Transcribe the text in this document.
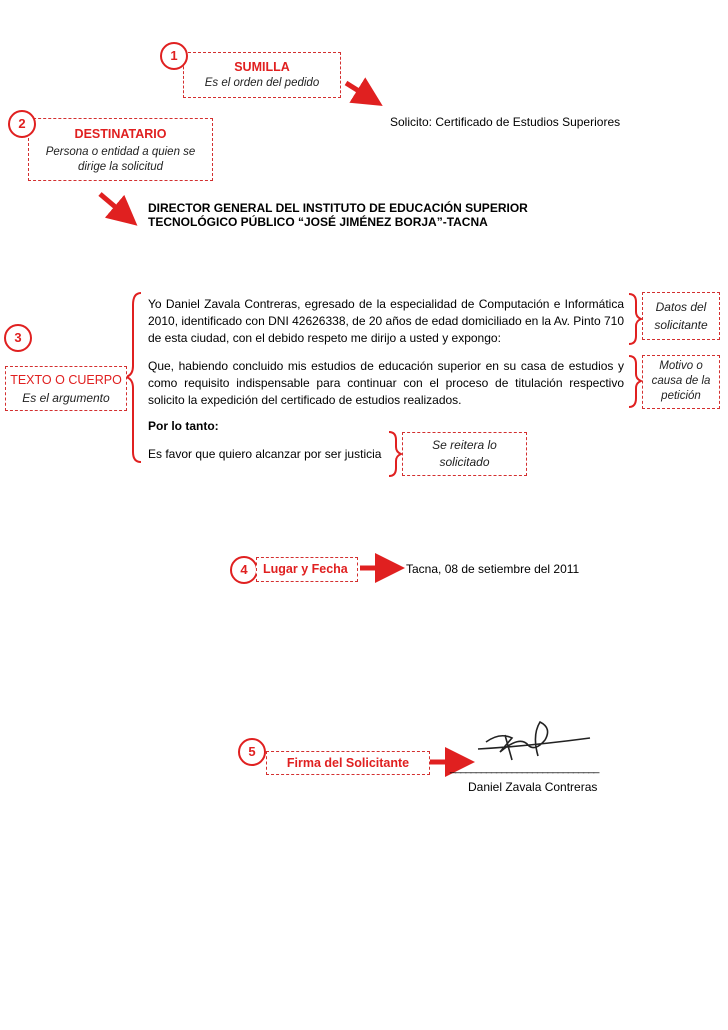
SUMILLA
Es el orden del pedido
1
Solicito: Certificado de Estudios Superiores
DESTINATARIO
Persona o entidad a quien se
dirige la solicitud
2
DIRECTOR GENERAL DEL INSTITUTO DE EDUCACIÓN SUPERIOR
TECNOLÓGICO PÚBLICO “JOSÉ JIMÉNEZ BORJA”-TACNA
3
TEXTO O CUERPO
Es el argumento
Yo Daniel Zavala Contreras, egresado de la especialidad de Computación e Informática 2010, identificado con DNI 42626338, de 20 años de edad domiciliado en la Av. Pinto 710 de esta ciudad, con el debido respeto me dirijo a usted y expongo:
Que, habiendo concluido mis estudios de educación superior en su casa de estudios y como requisito indispensable para continuar con el proceso de titulación respectivo solicito la expedición del certificado de estudios realizados.
Por lo tanto:
Es favor que quiero alcanzar por ser justicia
Datos del
solicitante
Motivo o
causa de la
petición
Se reitera lo
solicitado
4	Lugar y Fecha	Tacna, 08 de setiembre del 2011
5
Firma del Solicitante	_____________________________
Daniel Zavala Contreras
